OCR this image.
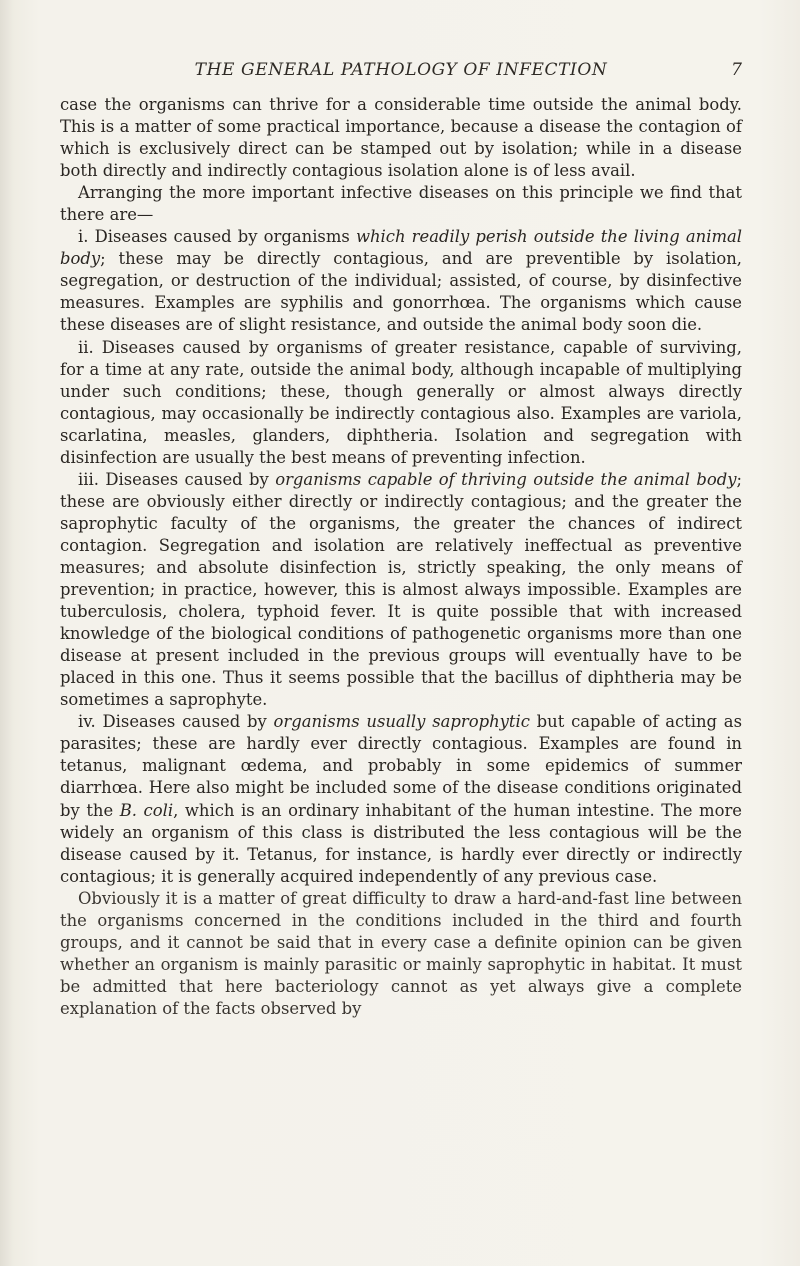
THE GENERAL PATHOLOGY OF INFECTION	7

case the organisms can thrive for a considerable time outside the animal body. This is a matter of some practical importance, because a disease the contagion of which is exclusively direct can be stamped out by isolation; while in a disease both directly and indirectly contagious isolation alone is of less avail.

Arranging the more important infective diseases on this principle we find that there are—

i. Diseases caused by organisms which readily perish outside the living animal body; these may be directly contagious, and are preventible by isolation, segregation, or destruction of the individual; assisted, of course, by disinfective measures. Examples are syphilis and gonorrhœa. The organisms which cause these diseases are of slight resistance, and outside the animal body soon die.

ii. Diseases caused by organisms of greater resistance, capable of surviving, for a time at any rate, outside the animal body, although incapable of multiplying under such conditions; these, though generally or almost always directly contagious, may occasionally be indirectly contagious also. Examples are variola, scarlatina, measles, glanders, diphtheria. Isolation and segregation with disinfection are usually the best means of preventing infection.

iii. Diseases caused by organisms capable of thriving outside the animal body; these are obviously either directly or indirectly contagious; and the greater the saprophytic faculty of the organisms, the greater the chances of indirect contagion. Segregation and isolation are relatively ineffectual as preventive measures; and absolute disinfection is, strictly speaking, the only means of prevention; in practice, however, this is almost always impossible. Examples are tuberculosis, cholera, typhoid fever. It is quite possible that with increased knowledge of the biological conditions of pathogenetic organisms more than one disease at present included in the previous groups will eventually have to be placed in this one. Thus it seems possible that the bacillus of diphtheria may be sometimes a saprophyte.

iv. Diseases caused by organisms usually saprophytic but capable of acting as parasites; these are hardly ever directly contagious. Examples are found in tetanus, malignant œdema, and probably in some epidemics of summer diarrhœa. Here also might be included some of the disease conditions originated by the B. coli, which is an ordinary inhabitant of the human intestine. The more widely an organism of this class is distributed the less contagious will be the disease caused by it. Tetanus, for instance, is hardly ever directly or indirectly contagious; it is generally acquired independently of any previous case.

Obviously it is a matter of great difficulty to draw a hard-and-fast line between the organisms concerned in the conditions included in the third and fourth groups, and it cannot be said that in every case a definite opinion can be given whether an organism is mainly parasitic or mainly saprophytic in habitat. It must be admitted that here bacteriology cannot as yet always give a complete explanation of the facts observed by
